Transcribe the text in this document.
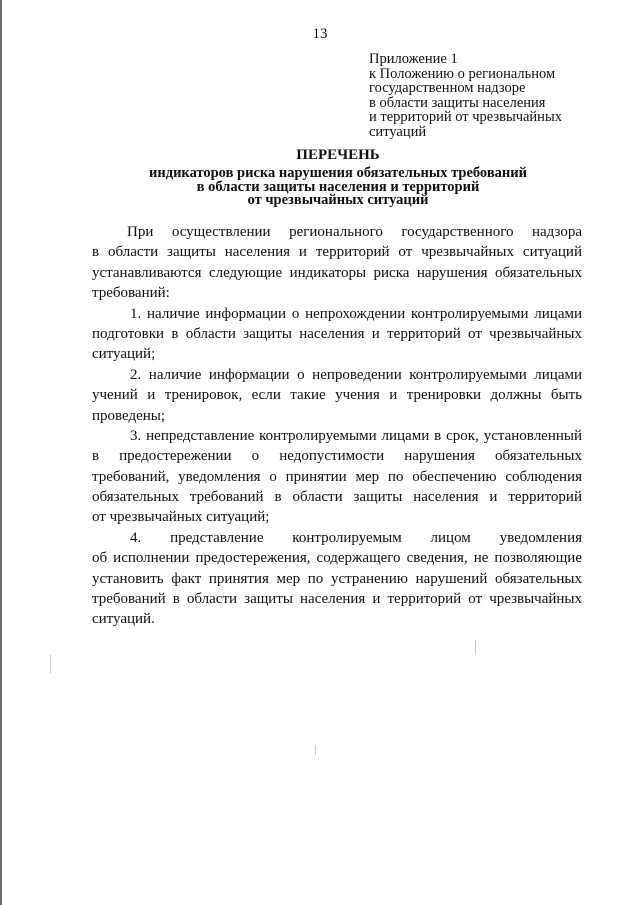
13
Приложение 1
к Положению о региональном
государственном надзоре
в области защиты населения
и территорий от чрезвычайных
ситуаций
ПЕРЕЧЕНЬ
индикаторов риска нарушения обязательных требований
в области защиты населения и территорий
от чрезвычайных ситуаций
При осуществлении регионального государственного надзора
в области защиты населения и территорий от чрезвычайных ситуаций
устанавливаются следующие индикаторы риска нарушения обязательных
требований:
1. наличие информации о непрохождении контролируемыми лицами
подготовки в области защиты населения и территорий от чрезвычайных
ситуаций;
2. наличие информации о непроведении контролируемыми лицами
учений и тренировок, если такие учения и тренировки должны быть
проведены;
3. непредставление контролируемыми лицами в срок, установленный
в предостережении о недопустимости нарушения обязательных
требований, уведомления о принятии мер по обеспечению соблюдения
обязательных требований в области защиты населения и территорий
от чрезвычайных ситуаций;
4. представление контролируемым лицом уведомления
об исполнении предостережения, содержащего сведения, не позволяющие
установить факт принятия мер по устранению нарушений обязательных
требований в области защиты населения и территорий от чрезвычайных
ситуаций.
